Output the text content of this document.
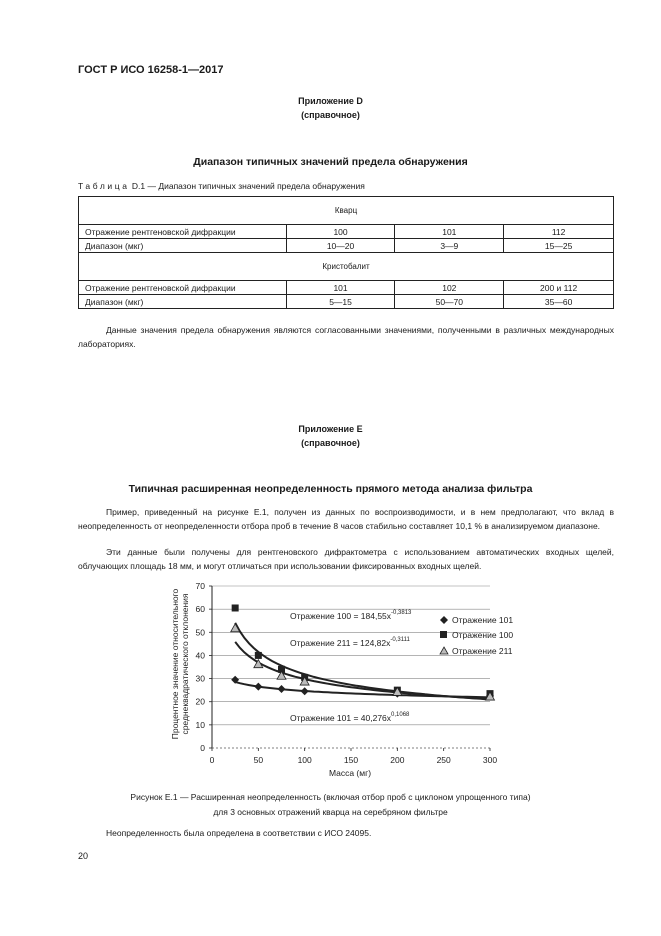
ГОСТ Р ИСО 16258-1—2017
Приложение D
(справочное)
Диапазон типичных значений предела обнаружения
Таблица D.1 — Диапазон типичных значений предела обнаружения
Кварц			
Отражение рентгеновской дифракции	100	101	112
Диапазон (мкг)	10—20	3—9	15—25
Кристобалит			
Отражение рентгеновской дифракции	101	102	200 и 112
Диапазон (мкг)	5—15	50—70	35—60
Данные значения предела обнаружения являются согласованными значениями, полученными в различных международных лабораториях.
Приложение Е
(справочное)
Типичная расширенная неопределенность прямого метода анализа фильтра
Пример, приведенный на рисунке Е.1, получен из данных по воспроизводимости, и в нем предполагают, что вклад в неопределенность от неопределенности отбора проб в течение 8 часов стабильно составляет 10,1 % в анализируемом диапазоне.
Эти данные были получены для рентгеновского дифрактометра с использованием автоматических входных щелей, облучающих площадь 18 мм, и могут отличаться при использовании фиксированных входных щелей.
0
10
20
30
40
50
60
70
0	50	100	150	200	250	300
Процентное значение относительного среднеквадратического отклонения
Масса (мг)
Отражение $100 = 184,55x^{-0,3813}$
Отражение $211 = 124,82x^{-0,3111}$
Отражение $101 = 40,276x^{0,1068}$
Отражение 101
Отражение 100
Отражение 211
Рисунок Е.1 — Расширенная неопределенность (включая отбор проб с циклоном упрощенного типа)
для 3 основных отражений кварца на серебряном фильтре
Неопределенность была определена в соответствии с ИСО 24095.
20
